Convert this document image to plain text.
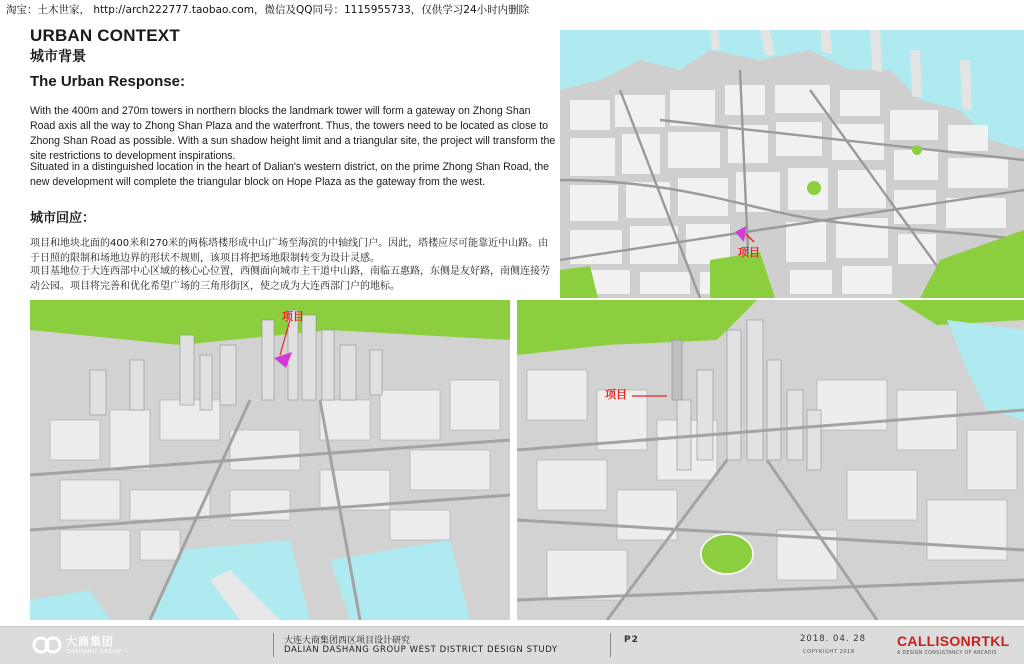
淘宝：土木世家， http://arch222777.taobao.com，微信及QQ同号：1115955733，仅供学习24小时内删除
URBAN CONTEXT
城市背景
The Urban Response:

With the 400m and 270m towers in northern blocks the landmark tower will form a gateway on Zhong Shan Road axis all the way to Zhong Shan Plaza and the waterfront. Thus, the towers need to be located as close to Zhong Shan Road as possible. With a sun shadow height limit and a triangular site, the project will transform the site restrictions to development inspirations.

Situated in a distinguished location in the heart of Dalian's western district, on the prime Zhong Shan Road, the new development will complete the triangular block on Hope Plaza as the gateway from the west.

城市回应：

项目和地块北面的400米和270米的两栋塔楼形成中山广场至海滨的中轴线门户。因此，塔楼应尽可能靠近中山路。由于日照的限制和场地边界的形状不规则，该项目将把场地限制转变为设计灵感。

项目基地位于大连西部中心区域的核心心位置，西侧面向城市主干道中山路，南临五惠路，东侧是友好路，南侧连接劳动公园。项目将完善和优化希望广场的三角形街区，使之成为大连西部门户的地标。

项目
项目
项目
大商集团
DASHANG GROUP
大连大商集团西区项目设计研究
DALIAN DASHANG GROUP WEST DISTRICT DESIGN STUDY
P2	2018. 04. 28
COPYRIGHT 2018
CALLISONRTKL
A DESIGN CONSULTANCY OF ARCADIS
